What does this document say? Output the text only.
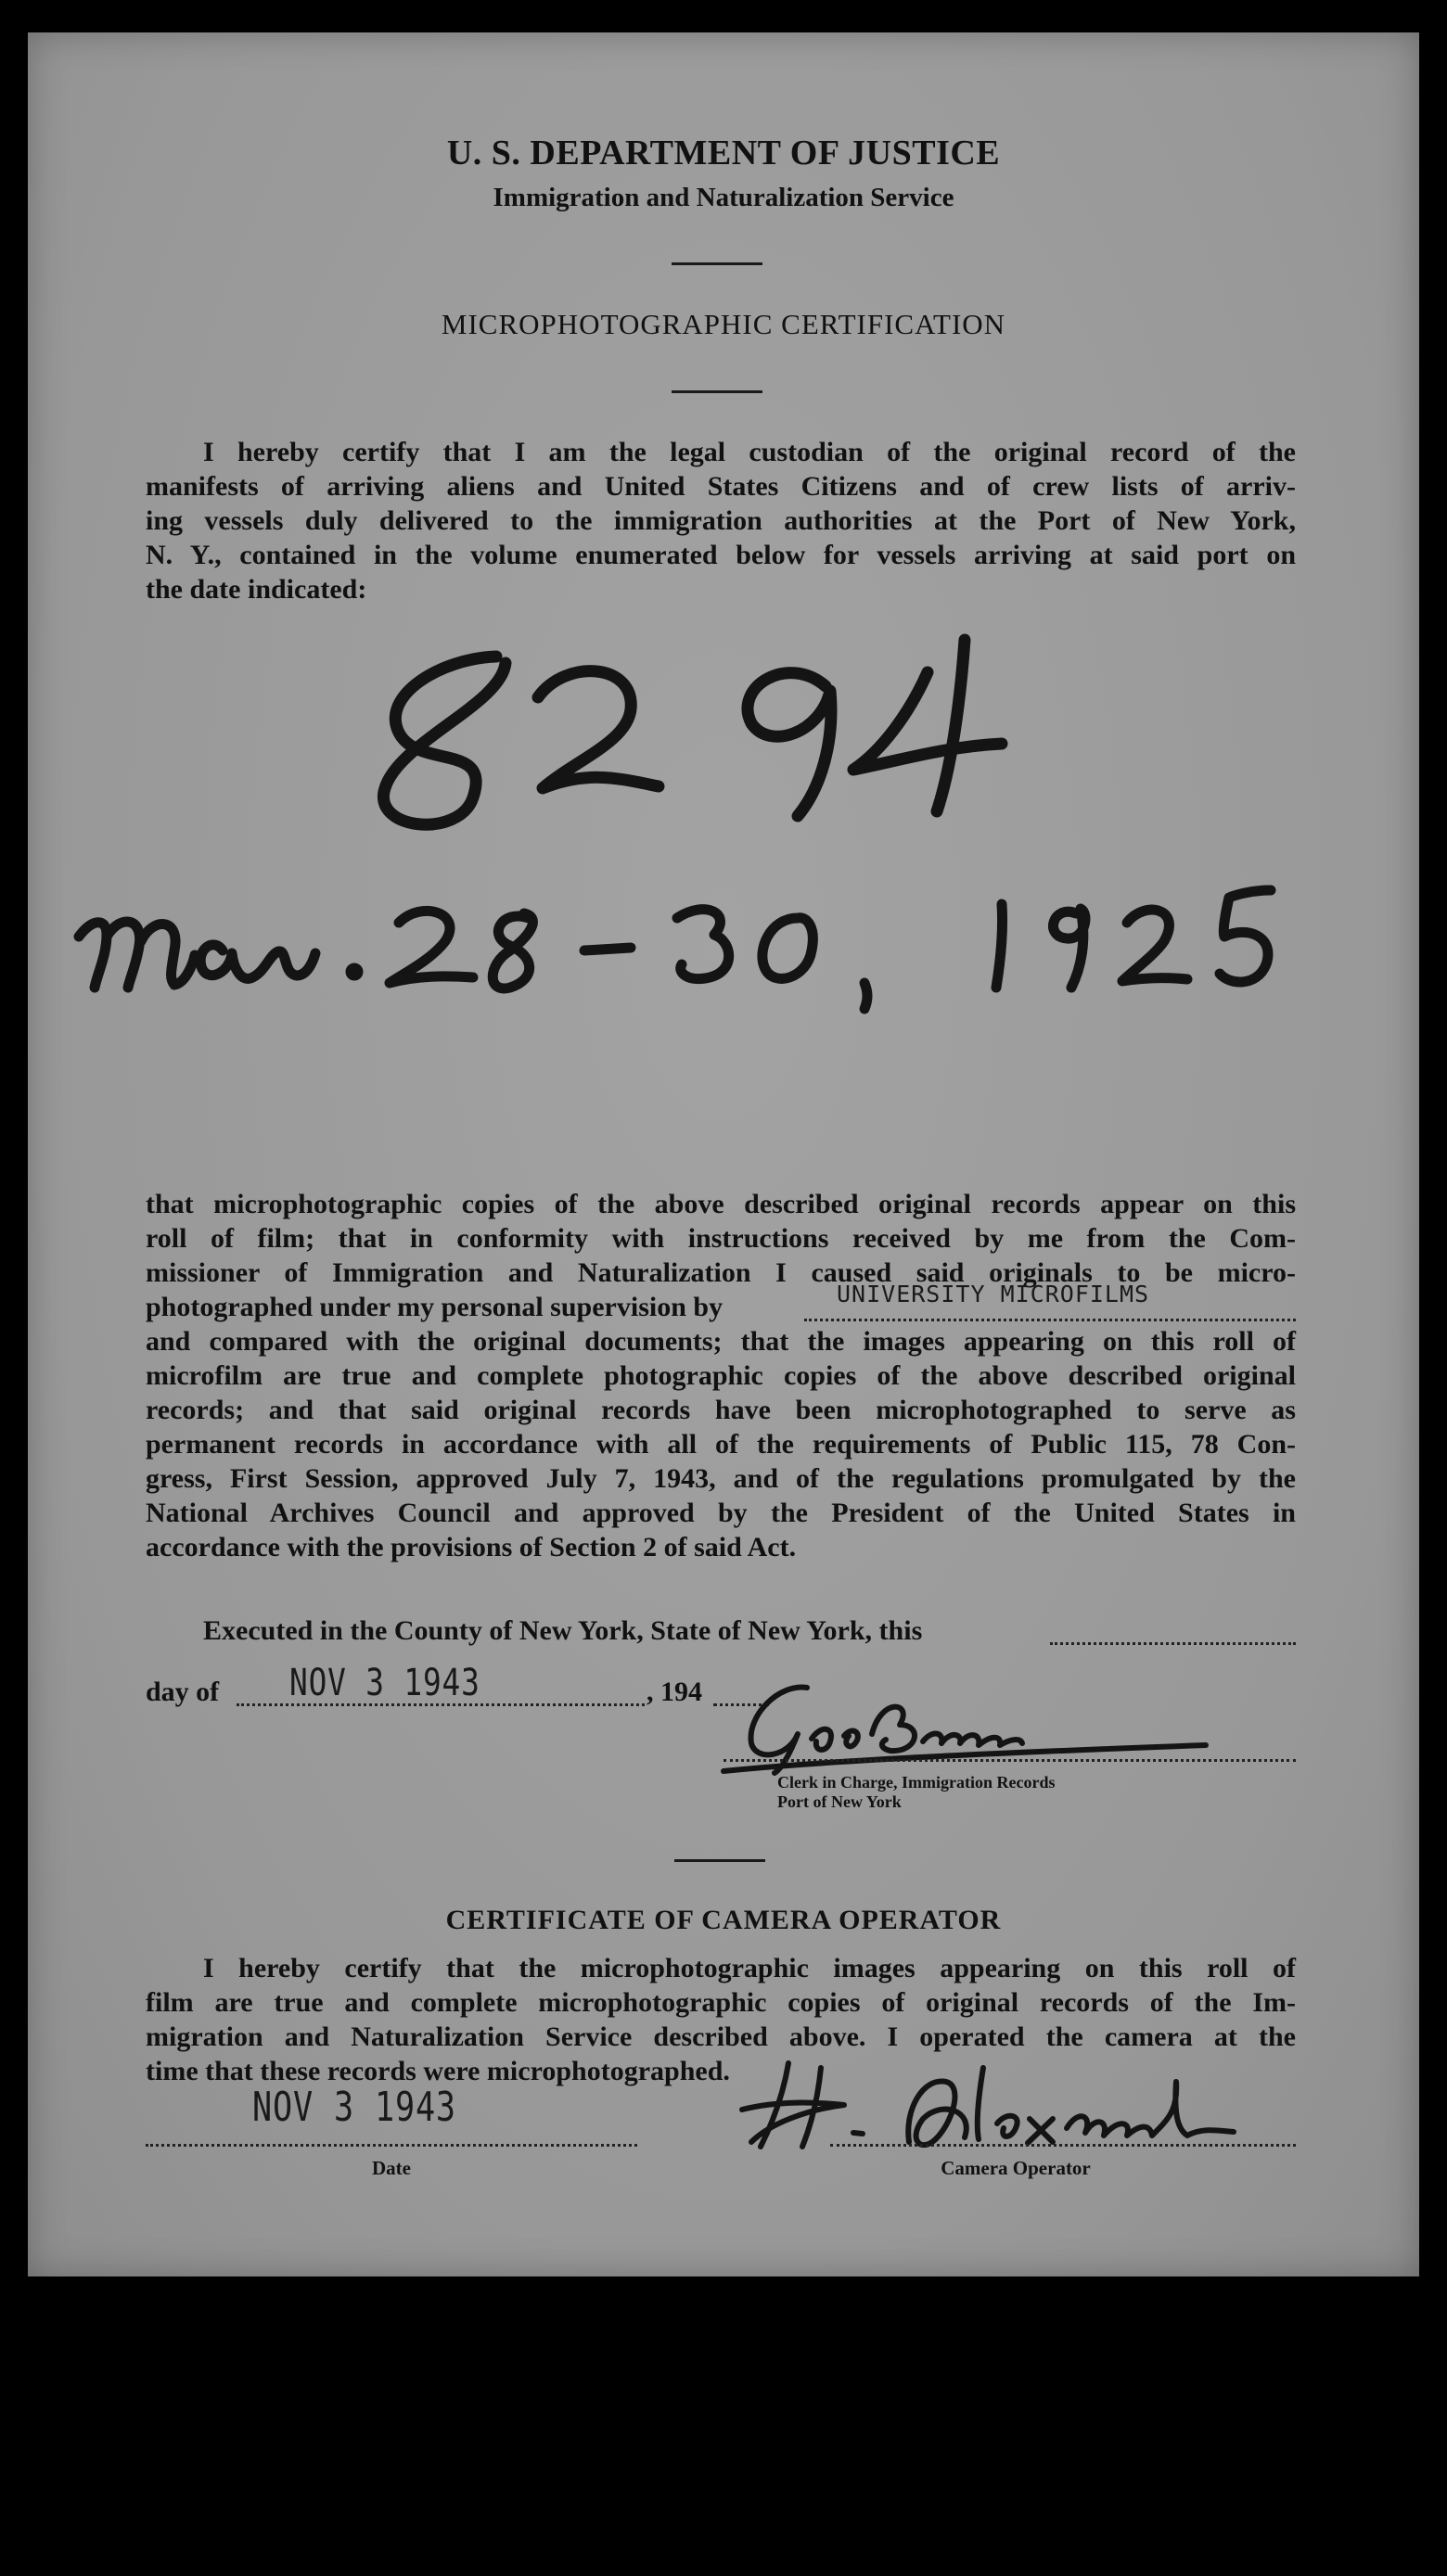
U. S. DEPARTMENT OF JUSTICE
Immigration and Naturalization Service
MICROPHOTOGRAPHIC CERTIFICATION
I hereby certify that I am the legal custodian of the original record of the
manifests of arriving aliens and United States Citizens and of crew lists of arriv-
ing vessels duly delivered to the immigration authorities at the Port of New York,
N. Y., contained in the volume enumerated below for vessels arriving at said port on
the date indicated:
that microphotographic copies of the above described original records appear on this
roll of film; that in conformity with instructions received by me from the Com-
missioner of Immigration and Naturalization I caused said originals to be micro-
photographed under my personal supervision by	UNIVERSITY MICROFILMS
and compared with the original documents; that the images appearing on this roll of
microfilm are true and complete photographic copies of the above described original
records; and that said original records have been microphotographed to serve as
permanent records in accordance with all of the requirements of Public 115, 78 Con-
gress, First Session, approved July 7, 1943, and of the regulations promulgated by the
National Archives Council and approved by the President of the United States in
accordance with the provisions of Section 2 of said Act.
Executed in the County of New York, State of New York, this
day of NOV 3 1943	, 194
Clerk in Charge, Immigration Records
Port of New York
CERTIFICATE OF CAMERA OPERATOR
I hereby certify that the microphotographic images appearing on this roll of
film are true and complete microphotographic copies of original records of the Im-
migration and Naturalization Service described above. I operated the camera at the
time that these records were microphotographed.
NOV 3 1943
Date	Camera Operator
